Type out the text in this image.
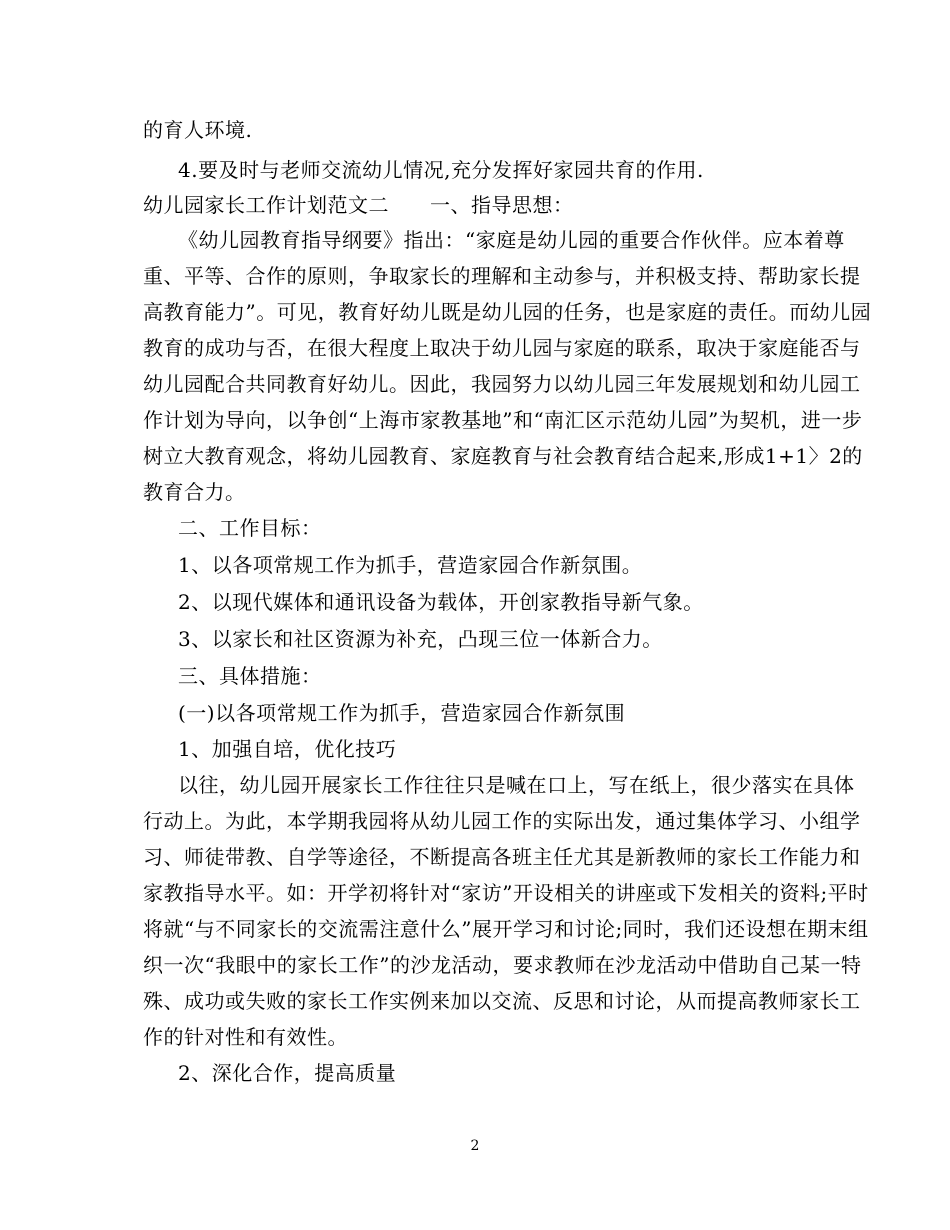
的育人环境.
4.要及时与老师交流幼儿情况,充分发挥好家园共育的作用.
幼儿园家长工作计划范文二　　一、指导思想：
《幼儿园教育指导纲要》指出：“家庭是幼儿园的重要合作伙伴。应本着尊
重、平等、合作的原则，争取家长的理解和主动参与，并积极支持、帮助家长提
高教育能力”。可见，教育好幼儿既是幼儿园的任务，也是家庭的责任。而幼儿园
教育的成功与否，在很大程度上取决于幼儿园与家庭的联系，取决于家庭能否与
幼儿园配合共同教育好幼儿。因此，我园努力以幼儿园三年发展规划和幼儿园工
作计划为导向，以争创“上海市家教基地”和“南汇区示范幼儿园”为契机，进一步
树立大教育观念，将幼儿园教育、家庭教育与社会教育结合起来,形成1+1〉2的
教育合力。
二、工作目标：
1、以各项常规工作为抓手，营造家园合作新氛围。
2、以现代媒体和通讯设备为载体，开创家教指导新气象。
3、以家长和社区资源为补充，凸现三位一体新合力。
三、具体措施：
(一)以各项常规工作为抓手，营造家园合作新氛围
1、加强自培，优化技巧
以往，幼儿园开展家长工作往往只是喊在口上，写在纸上，很少落实在具体
行动上。为此，本学期我园将从幼儿园工作的实际出发，通过集体学习、小组学
习、师徒带教、自学等途径，不断提高各班主任尤其是新教师的家长工作能力和
家教指导水平。如：开学初将针对“家访”开设相关的讲座或下发相关的资料;平时
将就“与不同家长的交流需注意什么”展开学习和讨论;同时，我们还设想在期末组
织一次“我眼中的家长工作”的沙龙活动，要求教师在沙龙活动中借助自己某一特
殊、成功或失败的家长工作实例来加以交流、反思和讨论，从而提高教师家长工
作的针对性和有效性。
2、深化合作，提高质量
2
